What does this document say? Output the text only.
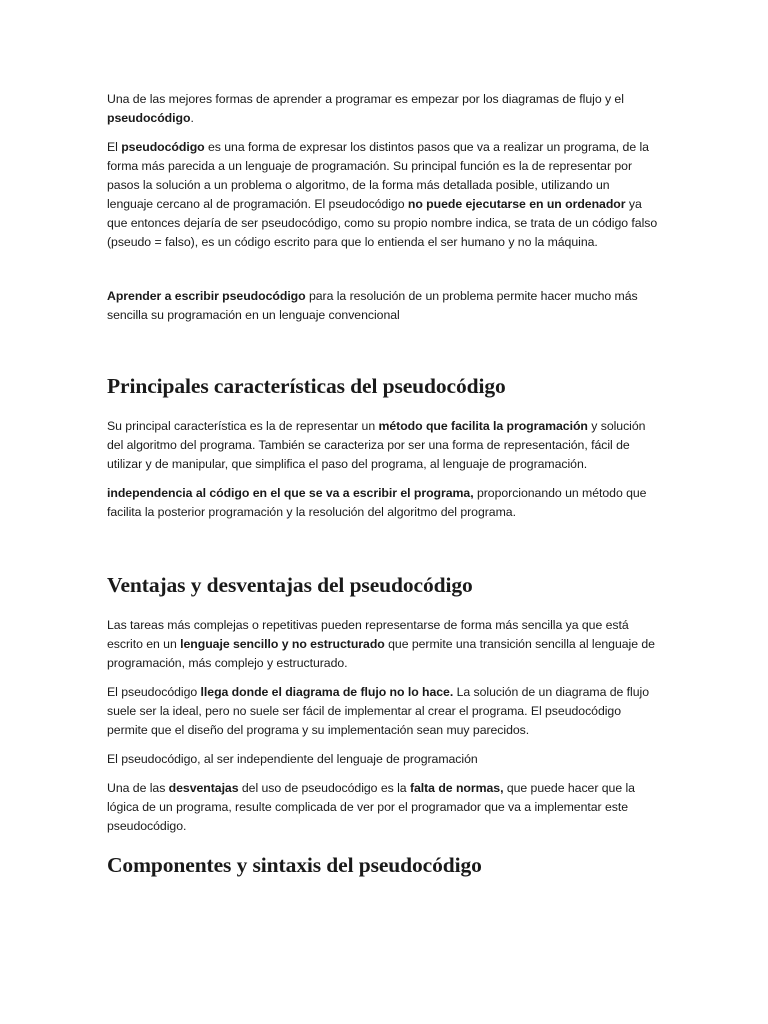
Una de las mejores formas de aprender a programar es empezar por los diagramas de flujo y el pseudocódigo.

El pseudocódigo es una forma de expresar los distintos pasos que va a realizar un programa, de la forma más parecida a un lenguaje de programación. Su principal función es la de representar por pasos la solución a un problema o algoritmo, de la forma más detallada posible, utilizando un lenguaje cercano al de programación. El pseudocódigo no puede ejecutarse en un ordenador ya que entonces dejaría de ser pseudocódigo, como su propio nombre indica, se trata de un código falso (pseudo = falso), es un código escrito para que lo entienda el ser humano y no la máquina.

Aprender a escribir pseudocódigo para la resolución de un problema permite hacer mucho más sencilla su programación en un lenguaje convencional

Principales características del pseudocódigo

Su principal característica es la de representar un método que facilita la programación y solución del algoritmo del programa. También se caracteriza por ser una forma de representación, fácil de utilizar y de manipular, que simplifica el paso del programa, al lenguaje de programación.

independencia al código en el que se va a escribir el programa, proporcionando un método que facilita la posterior programación y la resolución del algoritmo del programa.

Ventajas y desventajas del pseudocódigo

Las tareas más complejas o repetitivas pueden representarse de forma más sencilla ya que está escrito en un lenguaje sencillo y no estructurado que permite una transición sencilla al lenguaje de programación, más complejo y estructurado.

El pseudocódigo llega donde el diagrama de flujo no lo hace. La solución de un diagrama de flujo suele ser la ideal, pero no suele ser fácil de implementar al crear el programa. El pseudocódigo permite que el diseño del programa y su implementación sean muy parecidos.

El pseudocódigo, al ser independiente del lenguaje de programación

Una de las desventajas del uso de pseudocódigo es la falta de normas, que puede hacer que la lógica de un programa, resulte complicada de ver por el programador que va a implementar este pseudocódigo.

Componentes y sintaxis del pseudocódigo
